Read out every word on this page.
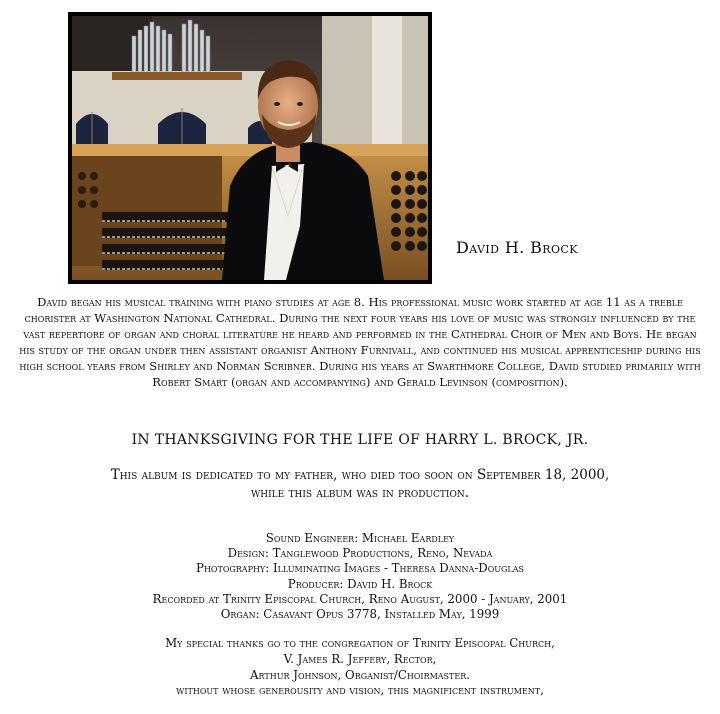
David H. Brock

David began his musical training with piano studies at age 8. His professional music work started at age 11 as a treble chorister at Washington National Cathedral. During the next four years his love of music was strongly influenced by the vast repertiore of organ and choral literature he heard and performed in the Cathedral Choir of Men and Boys. He began his study of the organ under then assistant organist Anthony Furnivall, and continued his musical apprenticeship during his high school years from Shirley and Norman Scribner. During his years at Swarthmore College, David studied primarily with Robert Smart (organ and accompanying) and Gerald Levinson (composition).

IN THANKSGIVING FOR THE LIFE OF HARRY L. BROCK, JR.
This album is dedicated to my father, who died too soon on September 18, 2000,
while this album was in production.
Sound Engineer: Michael Eardley
Design: Tanglewood Productions, Reno, Nevada
Photography: Illuminating Images - Theresa Danna-Douglas
Producer: David H. Brock
Recorded at Trinity Episcopal Church, Reno August, 2000 - January, 2001
Organ: Casavant Opus 3778, Installed May, 1999
My special thanks go to the congregation of Trinity Episcopal Church,
V. James R. Jeffery, Rector,
Arthur Johnson, Organist/Choirmaster.
without whose generousity and vision, this magnificent instrument,
